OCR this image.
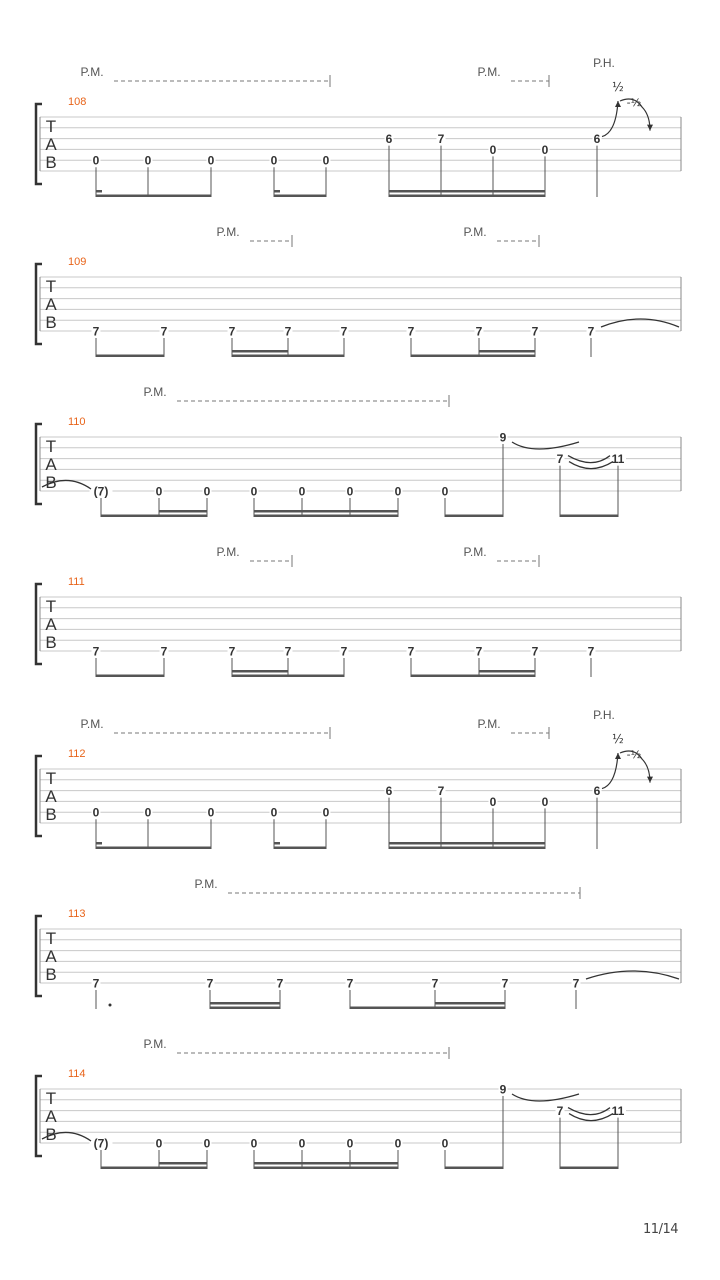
T
A
B
108
P.M.	P.M.
P.H.
0	0	0	0	0
6	7
0	0
6
½
-½
T
A
B
109
P.M.	P.M.
7	7	7	7	7	7	7	7	7
T
A
B
110
P.M.
(7)	0	0	0	0	0	0	0
9
7	11
T
A
B
111
P.M.	P.M.
7	7	7	7	7	7	7	7	7
T
A
B
112
P.M.	P.M.
P.H.
0	0	0	0	0
6	7
0	0
6
½
-½
T
A
B
113
P.M.
7	7	7	7	7	7	7
T
A
B
114
P.M.
(7)	0	0	0	0	0	0	0
9
7	11
11/14
